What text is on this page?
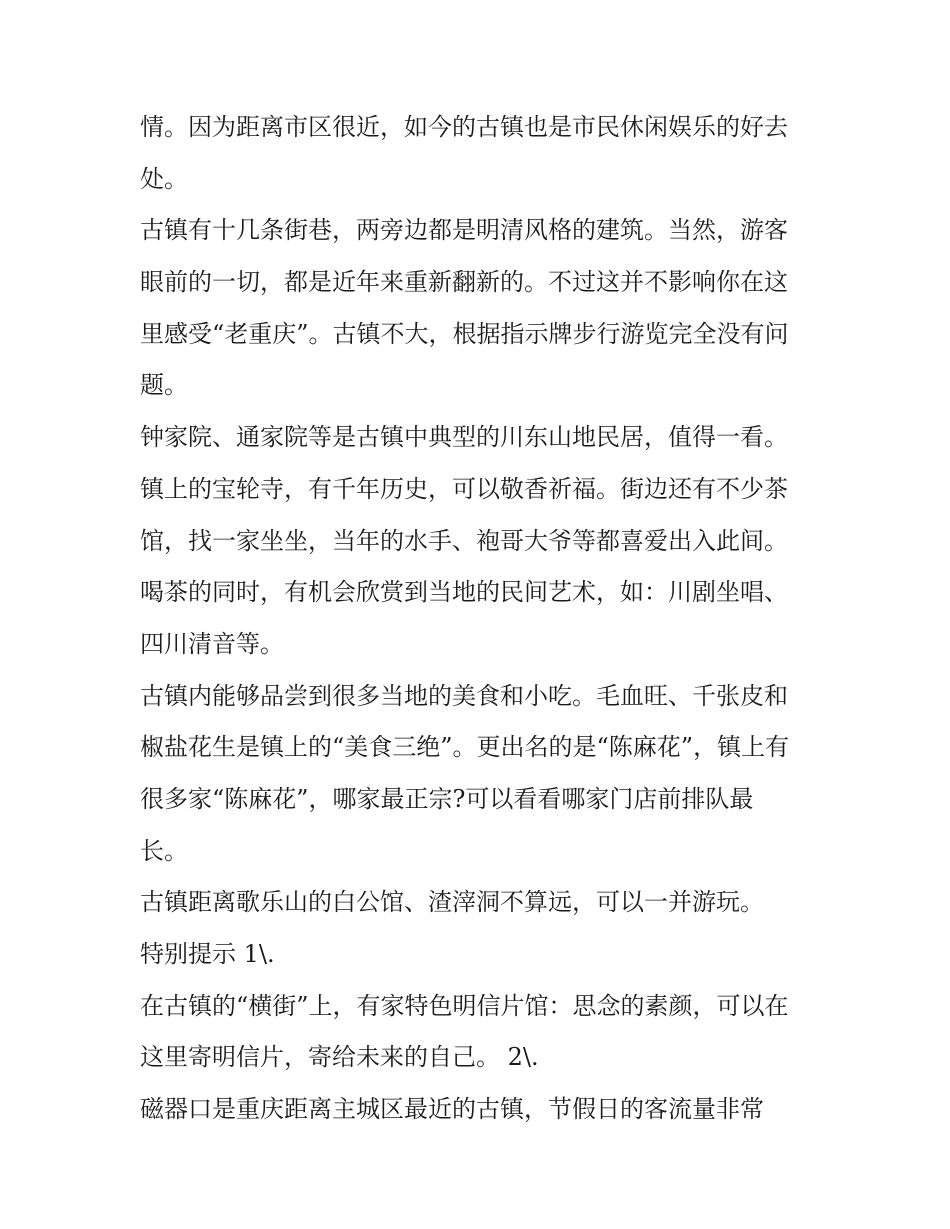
情。因为距离市区很近，如今的古镇也是市民休闲娱乐的好去
处。
古镇有十几条街巷，两旁边都是明清风格的建筑。当然，游客
眼前的一切，都是近年来重新翻新的。不过这并不影响你在这
里感受“老重庆”。古镇不大，根据指示牌步行游览完全没有问
题。
钟家院、通家院等是古镇中典型的川东山地民居，值得一看。
镇上的宝轮寺，有千年历史，可以敬香祈福。街边还有不少茶
馆，找一家坐坐，当年的水手、袍哥大爷等都喜爱出入此间。
喝茶的同时，有机会欣赏到当地的民间艺术，如：川剧坐唱、
四川清音等。
古镇内能够品尝到很多当地的美食和小吃。毛血旺、千张皮和
椒盐花生是镇上的“美食三绝”。更出名的是“陈麻花”，镇上有
很多家“陈麻花”，哪家最正宗?可以看看哪家门店前排队最
长。
古镇距离歌乐山的白公馆、渣滓洞不算远，可以一并游玩。
特别提示 1\.
在古镇的“横街”上，有家特色明信片馆：思念的素颜，可以在
这里寄明信片，寄给未来的自己。 2\.
磁器口是重庆距离主城区最近的古镇，节假日的客流量非常
